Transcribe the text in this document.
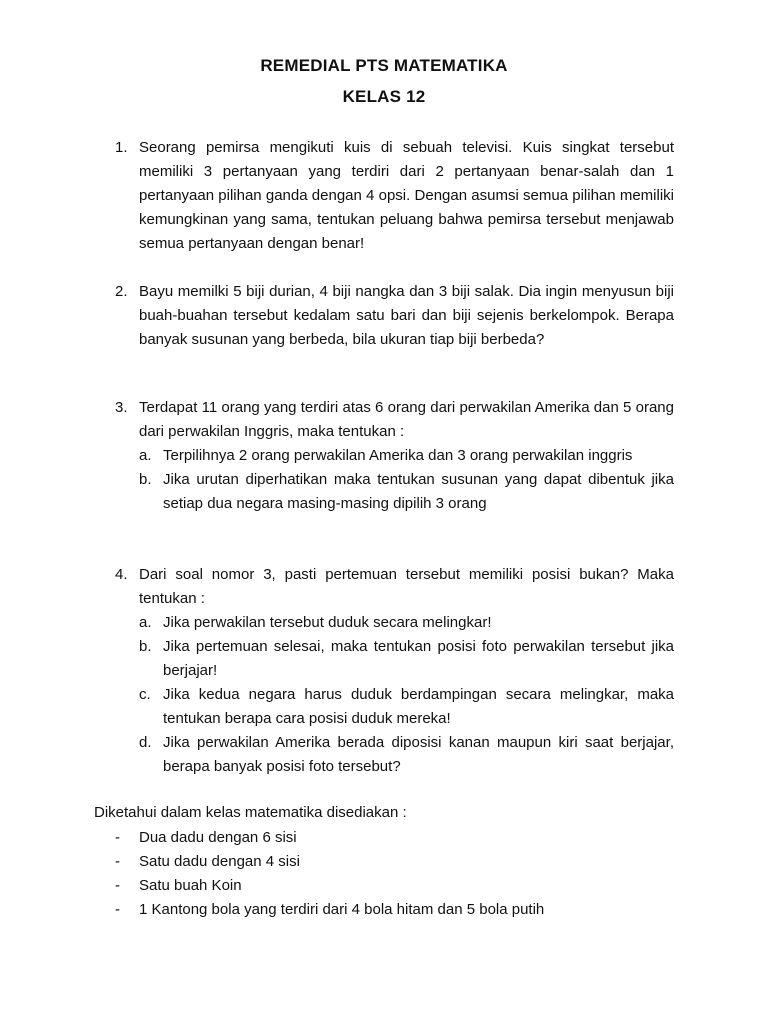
REMEDIAL PTS MATEMATIKA
KELAS 12
1. Seorang pemirsa mengikuti kuis di sebuah televisi. Kuis singkat tersebut memiliki 3 pertanyaan yang terdiri dari 2 pertanyaan benar-salah dan 1 pertanyaan pilihan ganda dengan 4 opsi. Dengan asumsi semua pilihan memiliki kemungkinan yang sama, tentukan peluang bahwa pemirsa tersebut menjawab semua pertanyaan dengan benar!
2. Bayu memilki 5 biji durian, 4 biji nangka dan 3 biji salak. Dia ingin menyusun biji buah-buahan tersebut kedalam satu bari dan biji sejenis berkelompok. Berapa banyak susunan yang berbeda, bila ukuran tiap biji berbeda?
3. Terdapat 11 orang yang terdiri atas 6 orang dari perwakilan Amerika dan 5 orang dari perwakilan Inggris, maka tentukan :
a. Terpilihnya 2 orang perwakilan Amerika dan 3 orang perwakilan inggris
b. Jika urutan diperhatikan maka tentukan susunan yang dapat dibentuk jika setiap dua negara masing-masing dipilih 3 orang
4. Dari soal nomor 3, pasti pertemuan tersebut memiliki posisi bukan? Maka tentukan :
a. Jika perwakilan tersebut duduk secara melingkar!
b. Jika pertemuan selesai, maka tentukan posisi foto perwakilan tersebut jika berjajar!
c. Jika kedua negara harus duduk berdampingan secara melingkar, maka tentukan berapa cara posisi duduk mereka!
d. Jika perwakilan Amerika berada diposisi kanan maupun kiri saat berjajar, berapa banyak posisi foto tersebut?
Diketahui dalam kelas matematika disediakan :
- Dua dadu dengan 6 sisi
- Satu dadu dengan 4 sisi
- Satu buah Koin
- 1 Kantong bola yang terdiri dari 4 bola hitam dan 5 bola putih
